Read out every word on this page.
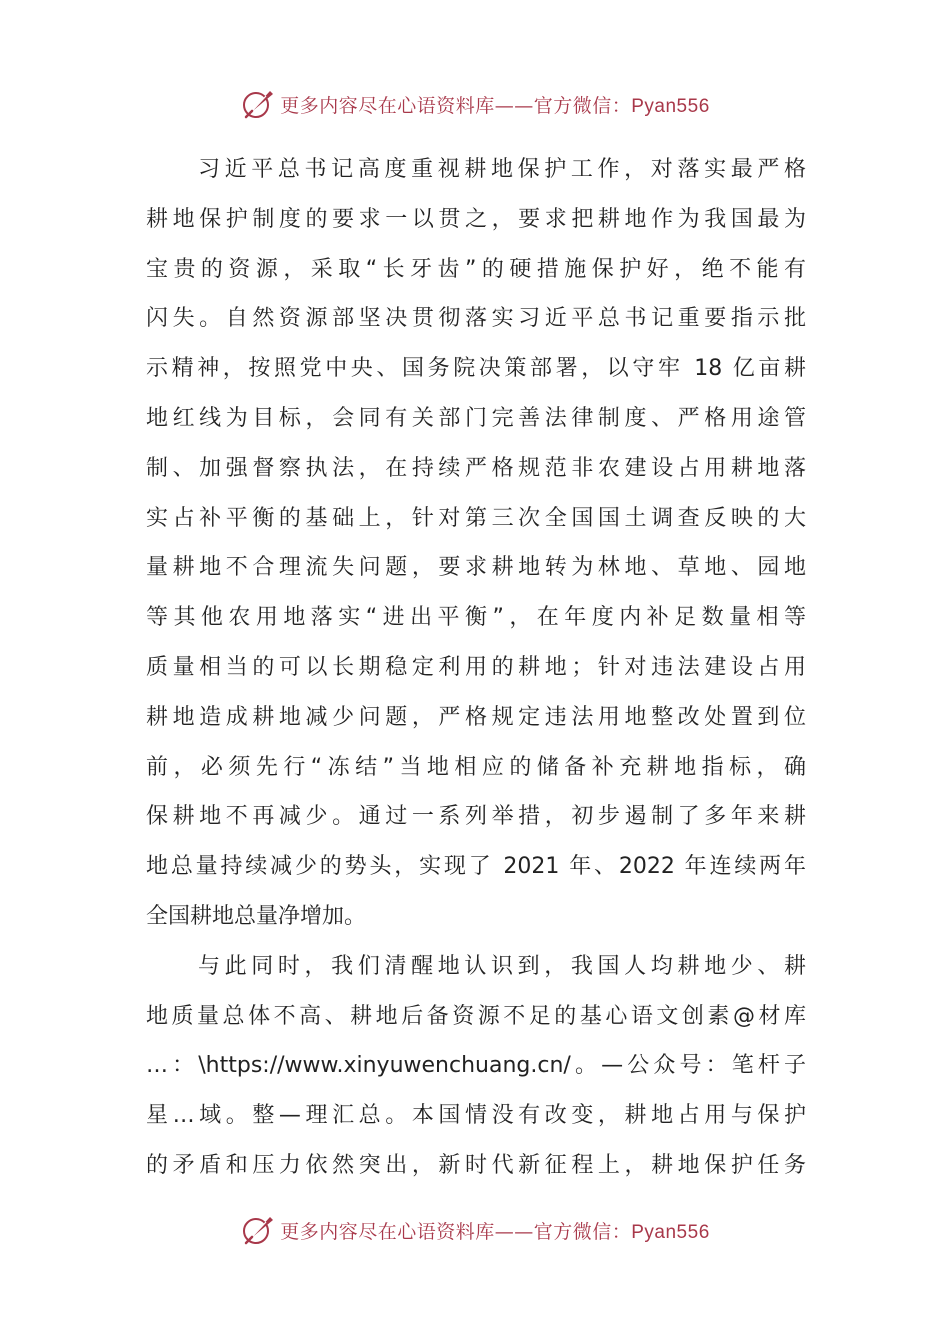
更多内容尽在心语资料库——官方微信：Pyan556
习近平总书记高度重视耕地保护工作，对落实最严格
耕地保护制度的要求一以贯之，要求把耕地作为我国最为
宝贵的资源，采取“长牙齿”的硬措施保护好，绝不能有
闪失。自然资源部坚决贯彻落实习近平总书记重要指示批
示精神，按照党中央、国务院决策部署，以守牢 18 亿亩耕
地红线为目标，会同有关部门完善法律制度、严格用途管
制、加强督察执法，在持续严格规范非农建设占用耕地落
实占补平衡的基础上，针对第三次全国国土调查反映的大
量耕地不合理流失问题，要求耕地转为林地、草地、园地
等其他农用地落实“进出平衡”，在年度内补足数量相等
质量相当的可以长期稳定利用的耕地；针对违法建设占用
耕地造成耕地减少问题，严格规定违法用地整改处置到位
前，必须先行“冻结”当地相应的储备补充耕地指标，确
保耕地不再减少。通过一系列举措，初步遏制了多年来耕
地总量持续减少的势头，实现了 2021 年、2022 年连续两年
全国耕地总量净增加。
与此同时，我们清醒地认识到，我国人均耕地少、耕
地质量总体不高、耕地后备资源不足的基心语文创素@材库
…：\https://www.xinyuwenchuang.cn/。—公众号：笔杆子
星…域。整—理汇总。本国情没有改变，耕地占用与保护
的矛盾和压力依然突出，新时代新征程上，耕地保护任务
更多内容尽在心语资料库——官方微信：Pyan556
